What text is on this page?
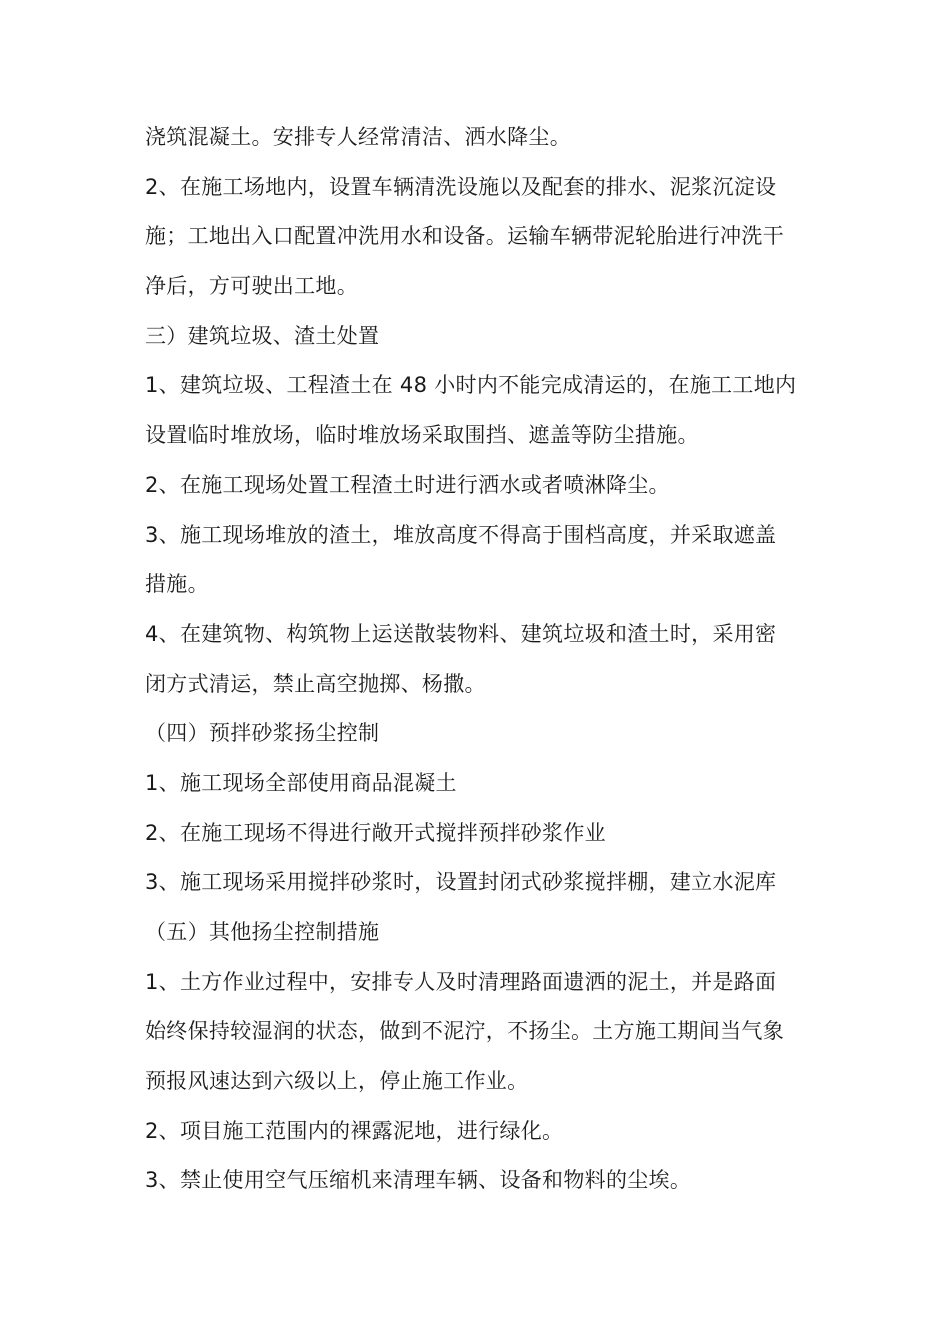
浇筑混凝土。安排专人经常清洁、洒水降尘。
2、在施工场地内，设置车辆清洗设施以及配套的排水、泥浆沉淀设
施；工地出入口配置冲洗用水和设备。运输车辆带泥轮胎进行冲洗干
净后，方可驶出工地。
三）建筑垃圾、渣土处置
1、建筑垃圾、工程渣土在 48 小时内不能完成清运的，在施工工地内
设置临时堆放场，临时堆放场采取围挡、遮盖等防尘措施。
2、在施工现场处置工程渣土时进行洒水或者喷淋降尘。
3、施工现场堆放的渣土，堆放高度不得高于围档高度，并采取遮盖
措施。
4、在建筑物、构筑物上运送散装物料、建筑垃圾和渣土时，采用密
闭方式清运，禁止高空抛掷、杨撒。
（四）预拌砂浆扬尘控制
1、施工现场全部使用商品混凝土
2、在施工现场不得进行敞开式搅拌预拌砂浆作业
3、施工现场采用搅拌砂浆时，设置封闭式砂浆搅拌棚，建立水泥库
（五）其他扬尘控制措施
1、土方作业过程中，安排专人及时清理路面遗洒的泥土，并是路面
始终保持较湿润的状态，做到不泥泞，不扬尘。土方施工期间当气象
预报风速达到六级以上，停止施工作业。
2、项目施工范围内的裸露泥地，进行绿化。
3、禁止使用空气压缩机来清理车辆、设备和物料的尘埃。
